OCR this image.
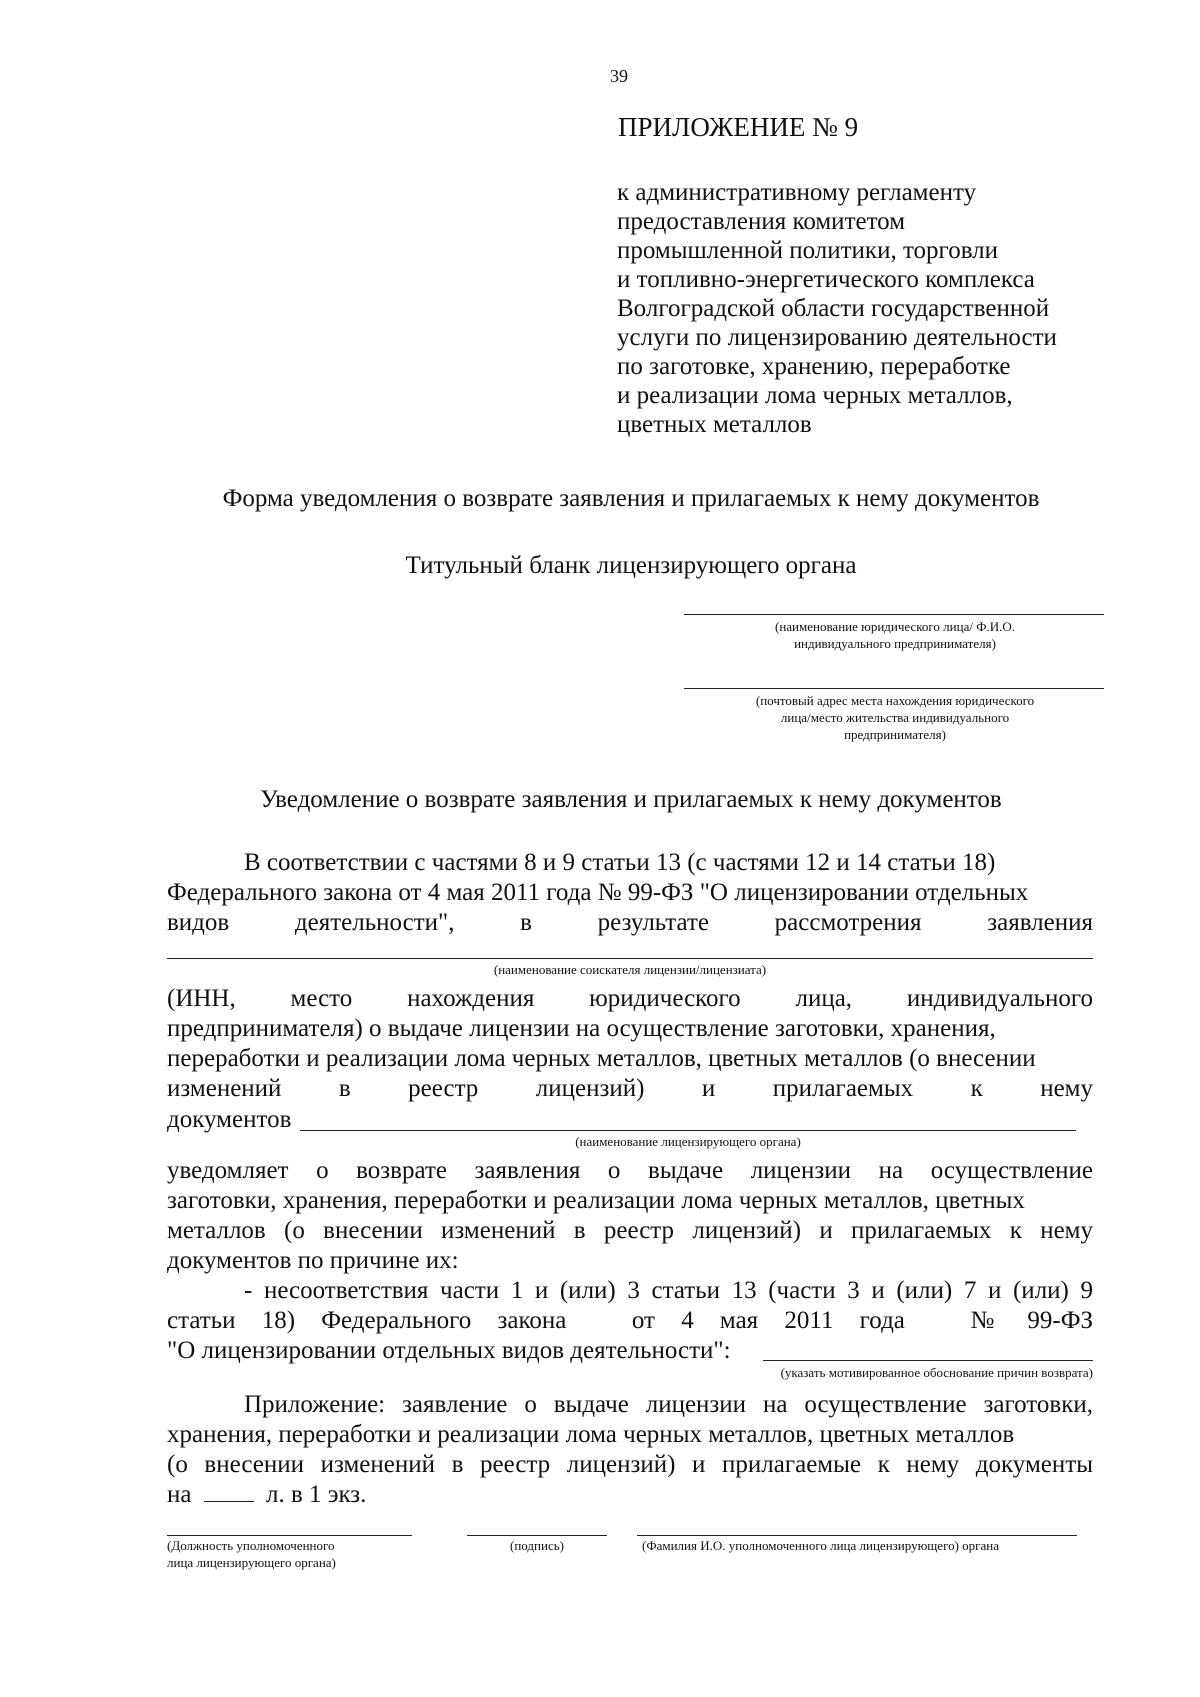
39
ПРИЛОЖЕНИЕ № 9
к административному регламенту
предоставления комитетом
промышленной политики, торговли
и топливно-энергетического комплекса
Волгоградской области государственной
услуги по лицензированию деятельности
по заготовке, хранению, переработке
и реализации лома черных металлов,
цветных металлов
Форма уведомления о возврате заявления и прилагаемых к нему документов
Титульный бланк лицензирующего органа
(наименование юридического лица/ Ф.И.О.
индивидуального предпринимателя)
(почтовый адрес места нахождения юридического
лица/место жительства индивидуального
предпринимателя)
Уведомление о возврате заявления и прилагаемых к нему документов
В соответствии с частями 8 и 9 статьи 13 (с частями 12 и 14 статьи 18)
Федерального закона от 4 мая 2011 года № 99-ФЗ "О лицензировании отдельных
видов      деятельности",      в      результате      рассмотрения      заявления
(наименование соискателя лицензии/лицензиата)
(ИНН,      место      нахождения      юридического      лица,      индивидуального
предпринимателя) о выдаче лицензии на осуществление заготовки, хранения,
переработки и реализации лома черных металлов, цветных металлов (о внесении
изменений      в      реестр      лицензий)      и      прилагаемых      к      нему
документов
(наименование лицензирующего органа)
уведомляет о возврате заявления о выдаче лицензии на осуществление
заготовки, хранения, переработки и реализации лома черных металлов, цветных
металлов (о внесении изменений в реестр лицензий) и прилагаемых к нему
документов по причине их:
- несоответствия части 1 и (или) 3 статьи 13 (части 3 и (или) 7 и (или) 9
статьи  18)  Федерального  закона     от  4  мая  2011  года     №  99-ФЗ
"О лицензировании отдельных видов деятельности":
(указать мотивированное обоснование причин возврата)
Приложение: заявление о выдаче лицензии на осуществление заготовки,
хранения, переработки и реализации лома черных металлов, цветных металлов
(о внесении изменений в реестр лицензий) и прилагаемые к нему документы
на	л. в 1 экз.
(Должность уполномоченного
лица лицензирующего органа)
(подпись)	(Фамилия И.О. уполномоченного лица лицензирующего) органа
